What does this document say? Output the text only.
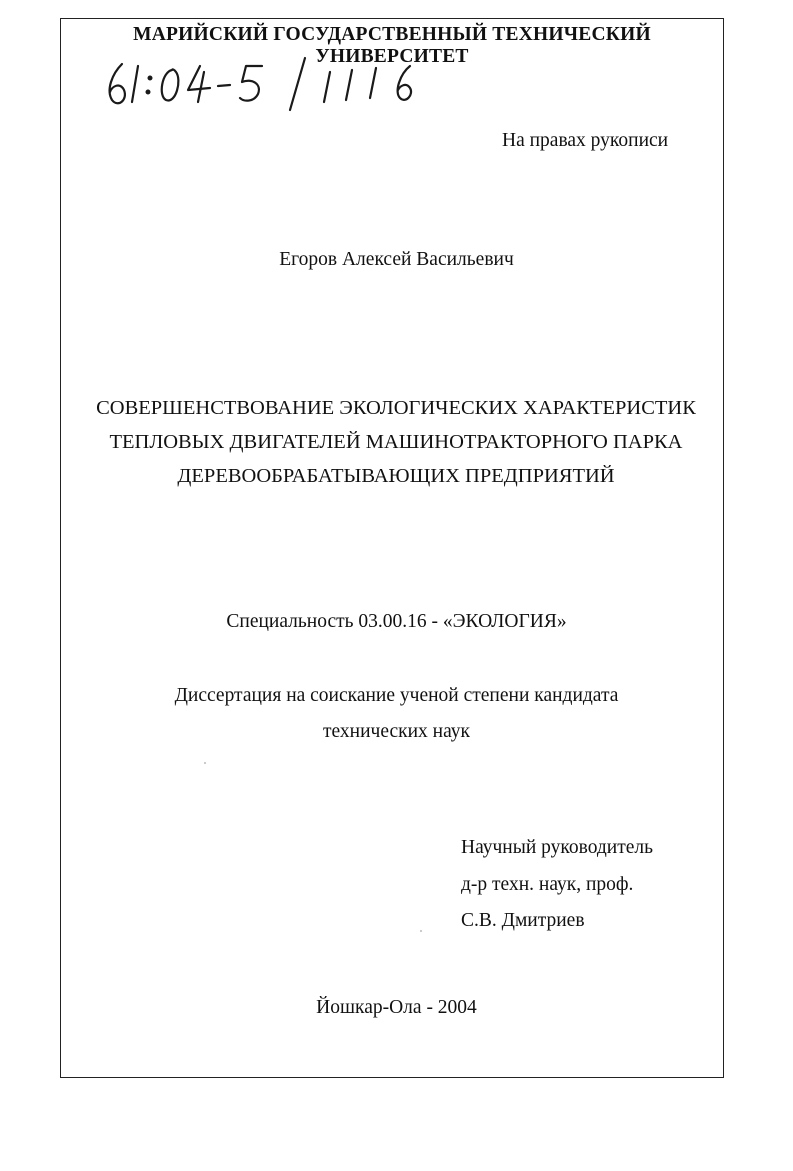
МАРИЙСКИЙ ГОСУДАРСТВЕННЫЙ ТЕХНИЧЕСКИЙ УНИВЕРСИТЕТ
На правах рукописи
Егоров Алексей Васильевич
СОВЕРШЕНСТВОВАНИЕ ЭКОЛОГИЧЕСКИХ ХАРАКТЕРИСТИК
ТЕПЛОВЫХ ДВИГАТЕЛЕЙ МАШИНОТРАКТОРНОГО ПАРКА
ДЕРЕВООБРАБАТЫВАЮЩИХ ПРЕДПРИЯТИЙ
Специальность 03.00.16 - «ЭКОЛОГИЯ»
Диссертация на соискание ученой степени кандидата
технических наук
Научный руководитель
д-р техн. наук, проф.
С.В. Дмитриев
Йошкар-Ола - 2004
